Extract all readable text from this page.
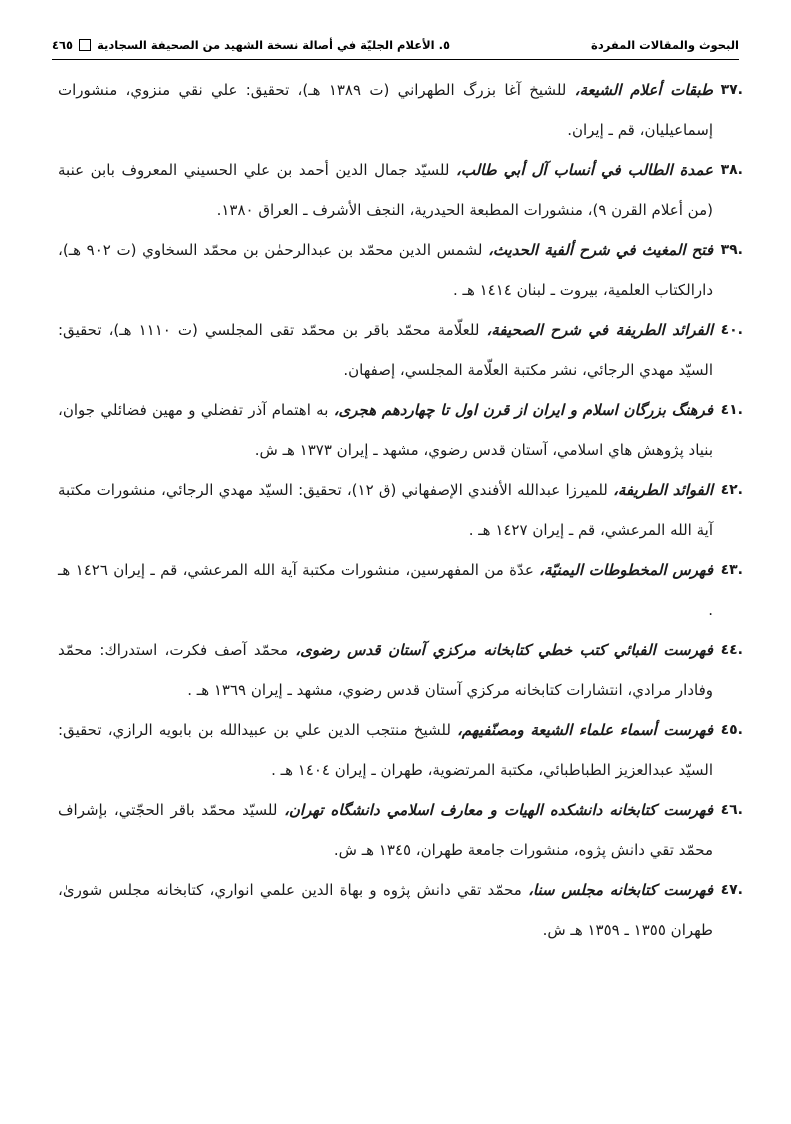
البحوث والمقالات المفردة
٥. الأعلام الجليّة في أصالة نسخة الشهيد من الصحيفة السجادية
٤٦٥
٣٧.
طبقات أعلام الشيعة، للشيخ آغا بزرگ الطهراني (ت ١٣٨٩ هـ)، تحقيق: علي نقي منزوي، منشورات إسماعيليان، قم ـ إيران.
٣٨.
عمدة الطالب في أنساب آل أبي طالب، للسيّد جمال الدين أحمد بن علي الحسيني المعروف بابن عنبة (من أعلام القرن ٩)، منشورات المطبعة الحيدرية، النجف الأشرف ـ العراق ١٣٨٠.
٣٩.
فتح المغيث في شرح ألفية الحديث، لشمس الدين محمّد بن عبدالرحمٰن بن محمّد السخاوي (ت ٩٠٢ هـ)، دارالكتاب العلمية، بيروت ـ لبنان ١٤١٤ هـ .
٤٠.
الفرائد الطريفة في شرح الصحيفة، للعلّامة محمّد باقر بن محمّد تقى المجلسي (ت ١١١٠ هـ)، تحقيق: السيّد مهدي الرجائي، نشر مكتبة العلّامة المجلسي، إصفهان.
٤١.
فرهنگ بزرگان اسلام و ايران از قرن اول تا چهاردهم هجرى، به اهتمام آذر تفضلي و مهين فضائلي جوان، بنياد پژوهش هاي اسلامي، آستان قدس رضوي، مشهد ـ إيران ١٣٧٣ هـ ش.
٤٢.
الفوائد الطريفة، للميرزا عبدالله الأفندي الإصفهاني (ق ١٢)، تحقيق: السيّد مهدي الرجائي، منشورات مكتبة آية الله المرعشي، قم ـ إيران ١٤٢٧ هـ .
٤٣.
فهرس المخطوطات اليمنيّة، عدّة من المفهرسين، منشورات مكتبة آية الله المرعشي، قم ـ إيران ١٤٢٦ هـ .
٤٤.
فهرست الفبائي كتب خطي كتابخانه مركزي آستان قدس رضوى، محمّد آصف فكرت، استدراك: محمّد وفادار مرادي، انتشارات كتابخانه مركزي آستان قدس رضوي، مشهد ـ إيران ١٣٦٩ هـ .
٤٥.
فهرست أسماء علماء الشيعة ومصنّفيهم، للشيخ منتجب الدين علي بن عبيدالله بن بابويه الرازي، تحقيق: السيّد عبدالعزيز الطباطبائي، مكتبة المرتضوية، طهران ـ إيران ١٤٠٤ هـ .
٤٦.
فهرست كتابخانه دانشكده الهيات و معارف اسلامي دانشگاه تهران، للسيّد محمّد باقر الحجّتي، بإشراف محمّد تقي دانش پژوه، منشورات جامعة طهران، ١٣٤٥ هـ ش.
٤٧.
فهرست كتابخانه مجلس سنا، محمّد تقي دانش پژوه و بهاة الدين علمي انواري، كتابخانه مجلس شورىٰ، طهران ١٣٥٥ ـ ١٣٥٩ هـ ش.
